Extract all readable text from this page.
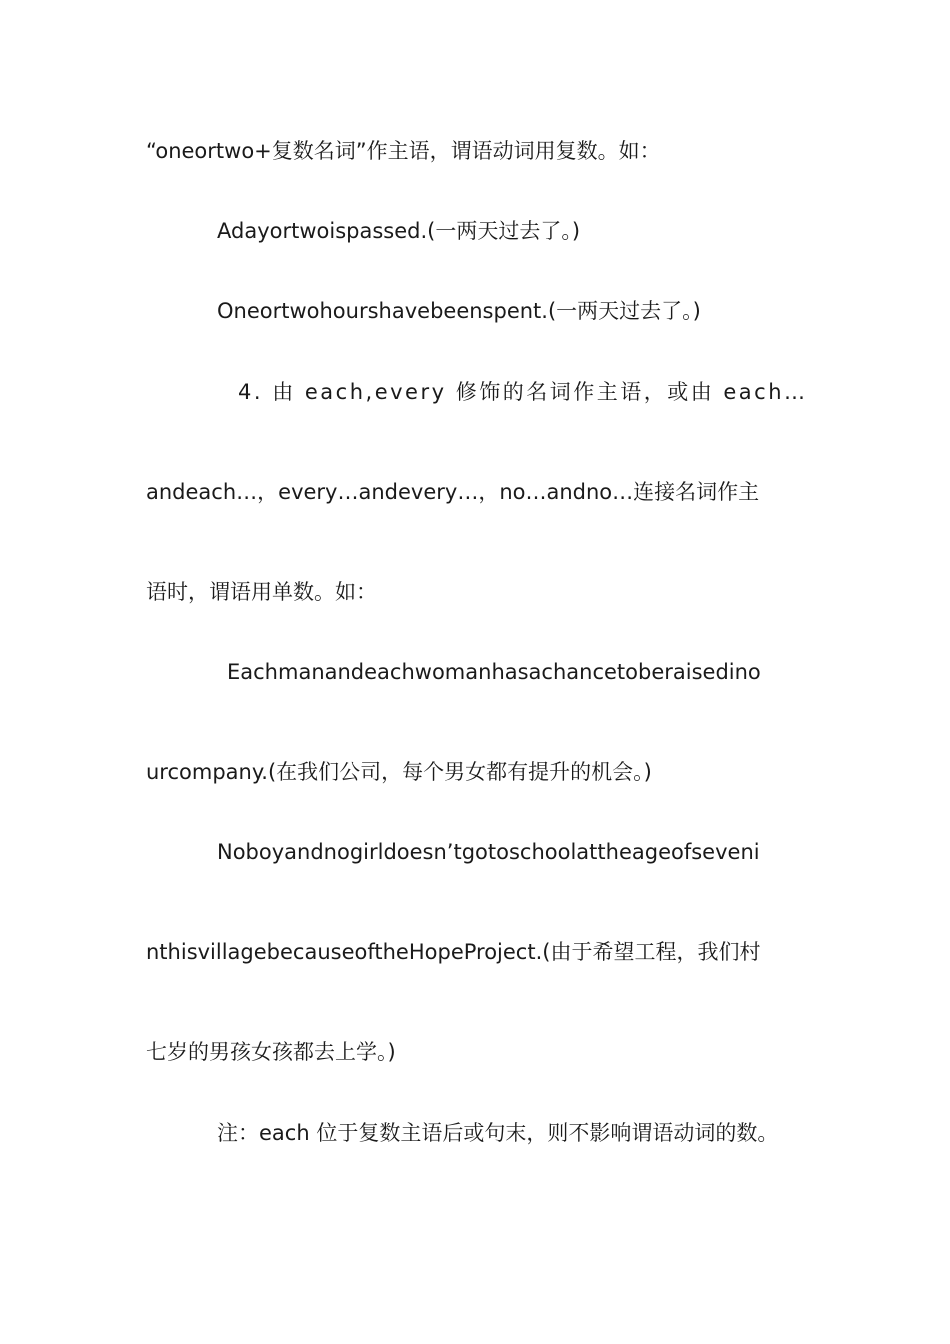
“oneortwo+复数名词”作主语，谓语动词用复数。如：
Adayortwoispassed.(一两天过去了。)
Oneortwohourshavebeenspent.(一两天过去了。)
4. 由 each,every 修饰的名词作主语，或由 each…
andeach…，every…andevery…，no…andno…连接名词作主
语时，谓语用单数。如：
Eachmanandeachwomanhasachancetoberaisedino
urcompany.(在我们公司，每个男女都有提升的机会。)
Noboyandnogirldoesn’tgotoschoolattheageofseveni
nthisvillagebecauseoftheHopeProject.(由于希望工程，我们村
七岁的男孩女孩都去上学。)
注：each 位于复数主语后或句末，则不影响谓语动词的数。
